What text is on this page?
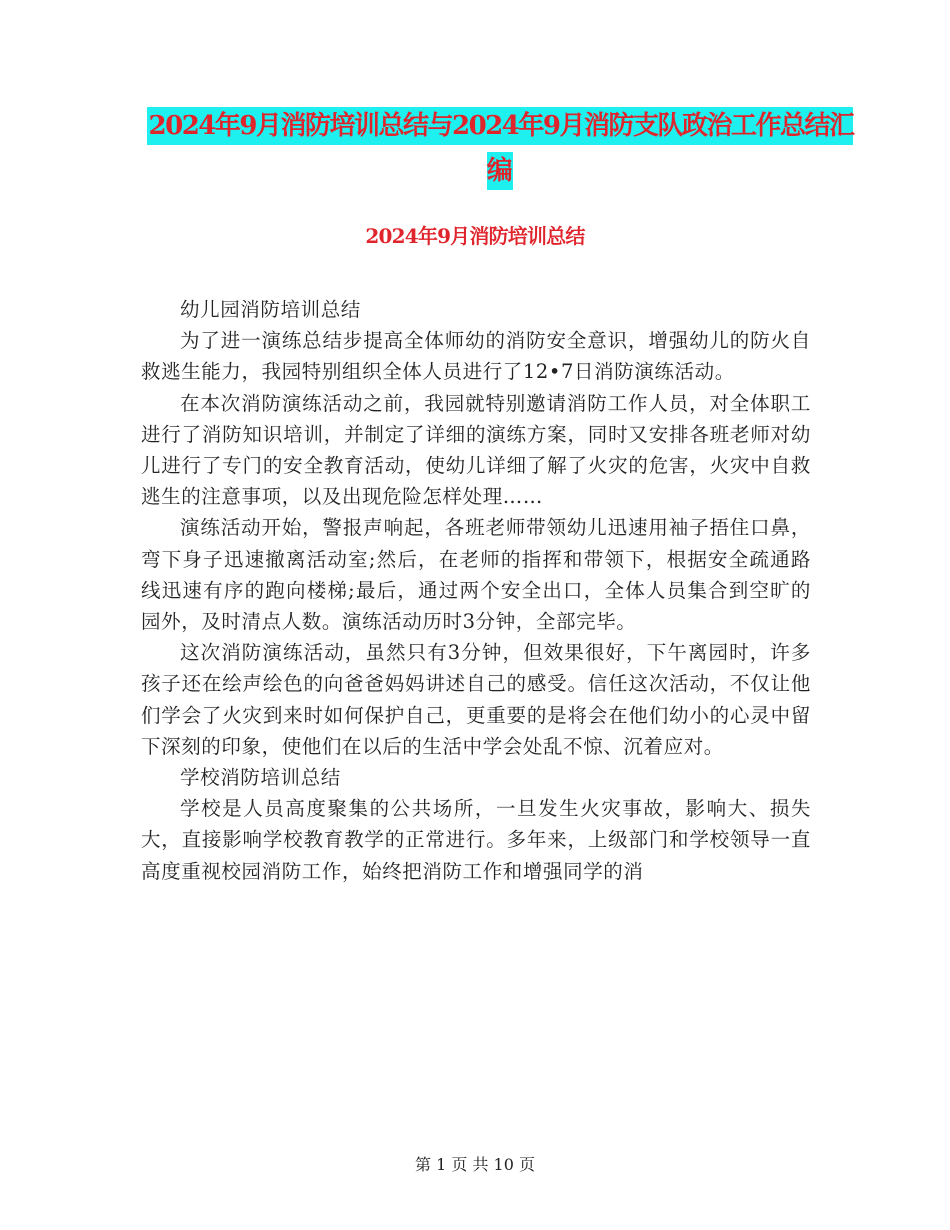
2024年9月消防培训总结与2024年9月消防支队政治工作总结汇编
2024年9月消防培训总结

幼儿园消防培训总结

为了进一演练总结步提高全体师幼的消防安全意识，增强幼儿的防火自救逃生能力，我园特别组织全体人员进行了12•7日消防演练活动。

在本次消防演练活动之前，我园就特别邀请消防工作人员，对全体职工进行了消防知识培训，并制定了详细的演练方案，同时又安排各班老师对幼儿进行了专门的安全教育活动，使幼儿详细了解了火灾的危害，火灾中自救逃生的注意事项，以及出现危险怎样处理……

演练活动开始，警报声响起，各班老师带领幼儿迅速用袖子捂住口鼻，弯下身子迅速撤离活动室;然后，在老师的指挥和带领下，根据安全疏通路线迅速有序的跑向楼梯;最后，通过两个安全出口，全体人员集合到空旷的园外，及时清点人数。演练活动历时3分钟，全部完毕。

这次消防演练活动，虽然只有3分钟，但效果很好，下午离园时，许多孩子还在绘声绘色的向爸爸妈妈讲述自己的感受。信任这次活动，不仅让他们学会了火灾到来时如何保护自己，更重要的是将会在他们幼小的心灵中留下深刻的印象，使他们在以后的生活中学会处乱不惊、沉着应对。

学校消防培训总结

学校是人员高度聚集的公共场所，一旦发生火灾事故，影响大、损失大，直接影响学校教育教学的正常进行。多年来，上级部门和学校领导一直高度重视校园消防工作，始终把消防工作和增强同学的消

第 1 页 共 10 页
